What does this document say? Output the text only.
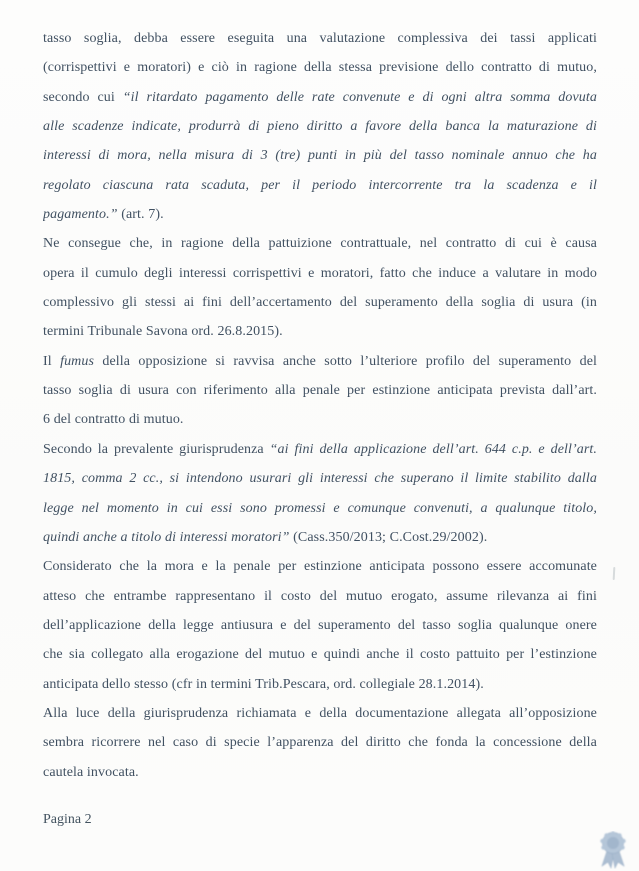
tasso soglia, debba essere eseguita una valutazione complessiva dei tassi applicati
(corrispettivi e moratori) e ciò in ragione della stessa previsione dello contratto di mutuo,
secondo cui “il ritardato pagamento delle rate convenute e di ogni altra somma dovuta
alle scadenze indicate, produrrà di pieno diritto a favore della banca la maturazione di
interessi di mora, nella misura di 3 (tre) punti in più del tasso nominale annuo che ha
regolato ciascuna rata scaduta, per il periodo intercorrente tra la scadenza e il
pagamento.” (art. 7).
Ne consegue che, in ragione della pattuizione contrattuale, nel contratto di cui è causa
opera il cumulo degli interessi corrispettivi e moratori, fatto che induce a valutare in modo
complessivo gli stessi ai fini dell’accertamento del superamento della soglia di usura (in
termini Tribunale Savona ord. 26.8.2015).
Il fumus della opposizione si ravvisa anche sotto l’ulteriore profilo del superamento del
tasso soglia di usura con riferimento alla penale per estinzione anticipata prevista dall’art.
6 del contratto di mutuo.
Secondo la prevalente giurisprudenza “ai fini della applicazione dell’art. 644 c.p. e dell’art.
1815, comma 2 cc., si intendono usurari gli interessi che superano il limite stabilito dalla
legge nel momento in cui essi sono promessi e comunque convenuti, a qualunque titolo,
quindi anche a titolo di interessi moratori” (Cass.350/2013; C.Cost.29/2002).
Considerato che la mora e la penale per estinzione anticipata possono essere accomunate
atteso che entrambe rappresentano il costo del mutuo erogato, assume rilevanza ai fini
dell’applicazione della legge antiusura e del superamento del tasso soglia qualunque onere
che sia collegato alla erogazione del mutuo e quindi anche il costo pattuito per l’estinzione
anticipata dello stesso (cfr in termini Trib.Pescara, ord. collegiale 28.1.2014).
Alla luce della giurisprudenza richiamata e della documentazione allegata all’opposizione
sembra ricorrere nel caso di specie l’apparenza del diritto che fonda la concessione della
cautela invocata.
Pagina 2
